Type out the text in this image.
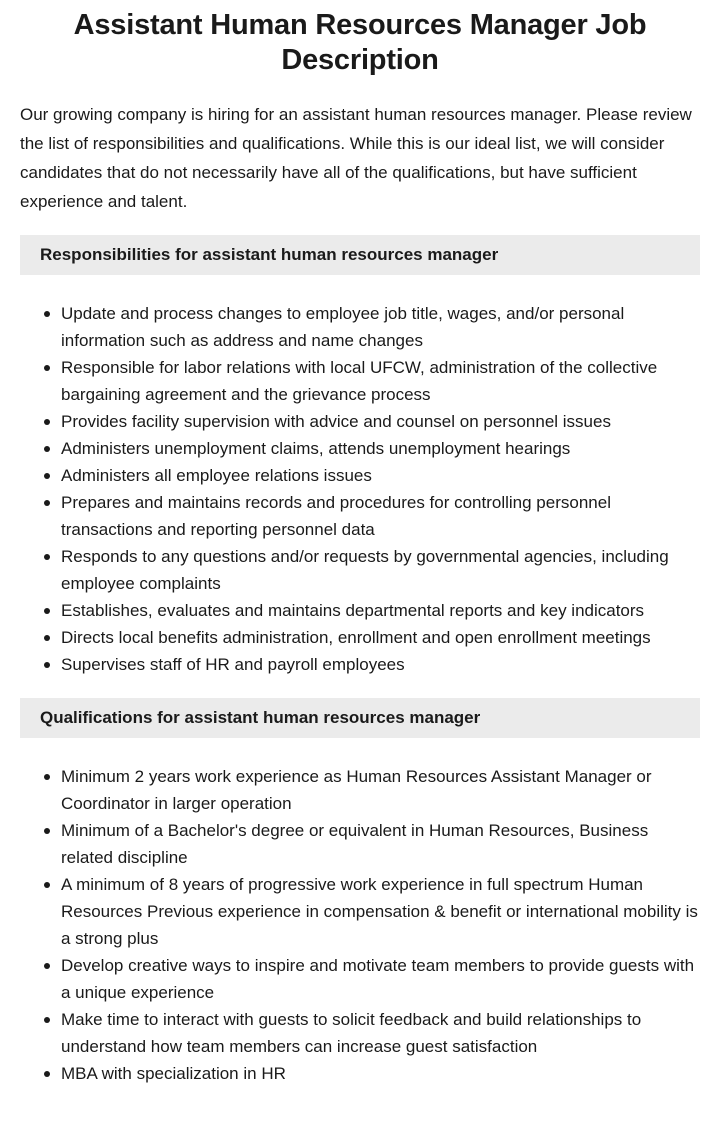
Assistant Human Resources Manager Job Description

Our growing company is hiring for an assistant human resources manager. Please review the list of responsibilities and qualifications. While this is our ideal list, we will consider candidates that do not necessarily have all of the qualifications, but have sufficient experience and talent.

Responsibilities for assistant human resources manager
Update and process changes to employee job title, wages, and/or personal information such as address and name changes
Responsible for labor relations with local UFCW, administration of the collective bargaining agreement and the grievance process
Provides facility supervision with advice and counsel on personnel issues
Administers unemployment claims, attends unemployment hearings
Administers all employee relations issues
Prepares and maintains records and procedures for controlling personnel transactions and reporting personnel data
Responds to any questions and/or requests by governmental agencies, including employee complaints
Establishes, evaluates and maintains departmental reports and key indicators
Directs local benefits administration, enrollment and open enrollment meetings
Supervises staff of HR and payroll employees
Qualifications for assistant human resources manager
Minimum 2 years work experience as Human Resources Assistant Manager or Coordinator in larger operation
Minimum of a Bachelor's degree or equivalent in Human Resources, Business related discipline
A minimum of 8 years of progressive work experience in full spectrum Human Resources Previous experience in compensation & benefit or international mobility is a strong plus
Develop creative ways to inspire and motivate team members to provide guests with a unique experience
Make time to interact with guests to solicit feedback and build relationships to understand how team members can increase guest satisfaction
MBA with specialization in HR
